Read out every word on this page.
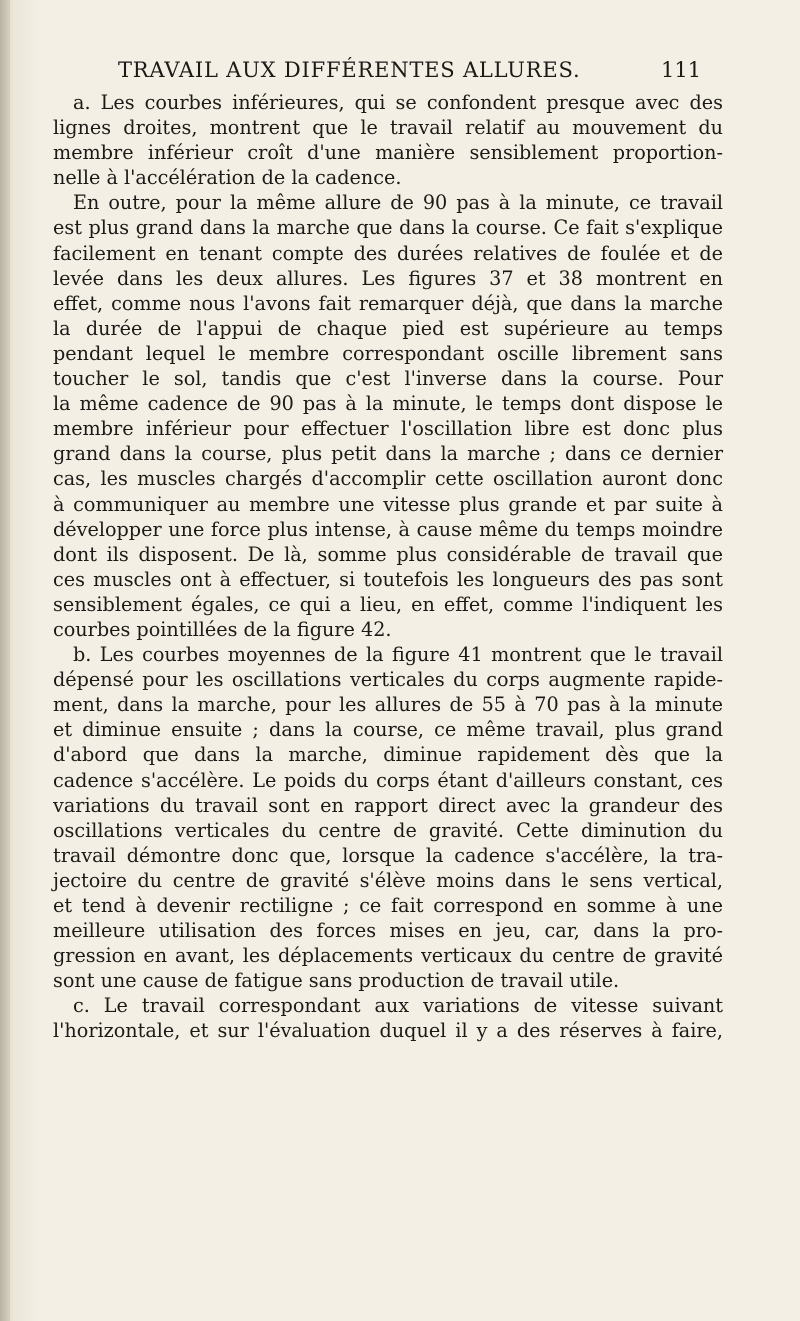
TRAVAIL AUX DIFFÉRENTES ALLURES.	111
a. Les courbes inférieures, qui se confondent presque avec des
lignes droites, montrent que le travail relatif au mouvement du
membre inférieur croît d'une manière sensiblement proportion-
nelle à l'accélération de la cadence.
En outre, pour la même allure de 90 pas à la minute, ce travail
est plus grand dans la marche que dans la course. Ce fait s'explique
facilement en tenant compte des durées relatives de foulée et de
levée dans les deux allures. Les figures 37 et 38 montrent en
effet, comme nous l'avons fait remarquer déjà, que dans la marche
la durée de l'appui de chaque pied est supérieure au temps
pendant lequel le membre correspondant oscille librement sans
toucher le sol, tandis que c'est l'inverse dans la course. Pour
la même cadence de 90 pas à la minute, le temps dont dispose le
membre inférieur pour effectuer l'oscillation libre est donc plus
grand dans la course, plus petit dans la marche ; dans ce dernier
cas, les muscles chargés d'accomplir cette oscillation auront donc
à communiquer au membre une vitesse plus grande et par suite à
développer une force plus intense, à cause même du temps moindre
dont ils disposent. De là, somme plus considérable de travail que
ces muscles ont à effectuer, si toutefois les longueurs des pas sont
sensiblement égales, ce qui a lieu, en effet, comme l'indiquent les
courbes pointillées de la figure 42.
b. Les courbes moyennes de la figure 41 montrent que le travail
dépensé pour les oscillations verticales du corps augmente rapide-
ment, dans la marche, pour les allures de 55 à 70 pas à la minute
et diminue ensuite ; dans la course, ce même travail, plus grand
d'abord que dans la marche, diminue rapidement dès que la
cadence s'accélère. Le poids du corps étant d'ailleurs constant, ces
variations du travail sont en rapport direct avec la grandeur des
oscillations verticales du centre de gravité. Cette diminution du
travail démontre donc que, lorsque la cadence s'accélère, la tra-
jectoire du centre de gravité s'élève moins dans le sens vertical,
et tend à devenir rectiligne ; ce fait correspond en somme à une
meilleure utilisation des forces mises en jeu, car, dans la pro-
gression en avant, les déplacements verticaux du centre de gravité
sont une cause de fatigue sans production de travail utile.
c. Le travail correspondant aux variations de vitesse suivant
l'horizontale, et sur l'évaluation duquel il y a des réserves à faire,
